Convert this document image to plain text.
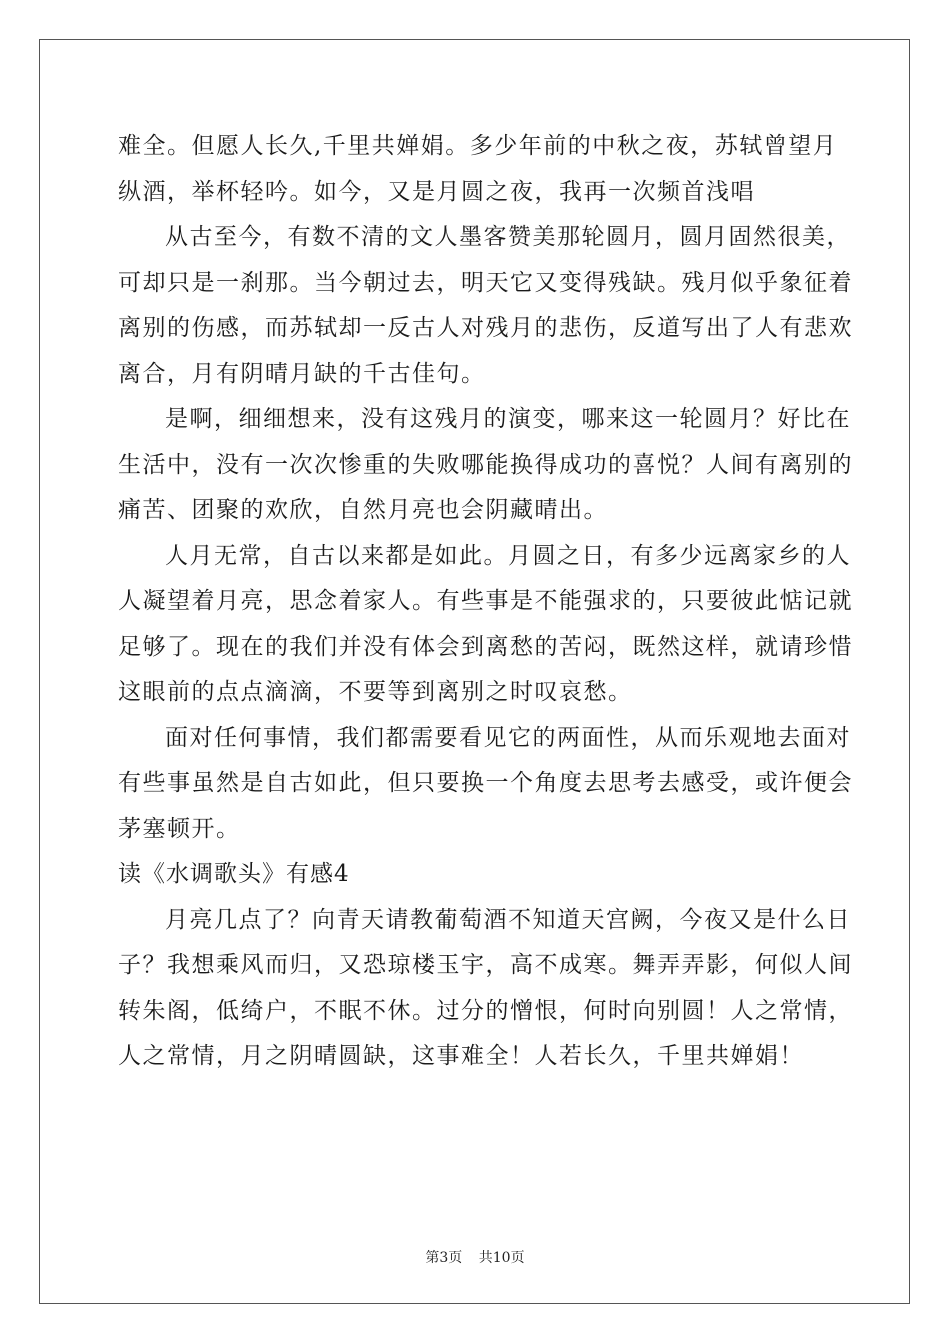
难全。但愿人长久,千里共婵娟。多少年前的中秋之夜，苏轼曾望月
纵酒，举杯轻吟。如今，又是月圆之夜，我再一次频首浅唱
从古至今，有数不清的文人墨客赞美那轮圆月，圆月固然很美，
可却只是一刹那。当今朝过去，明天它又变得残缺。残月似乎象征着
离别的伤感，而苏轼却一反古人对残月的悲伤，反道写出了人有悲欢
离合，月有阴晴月缺的千古佳句。
是啊，细细想来，没有这残月的演变，哪来这一轮圆月？好比在
生活中，没有一次次惨重的失败哪能换得成功的喜悦？人间有离别的
痛苦、团聚的欢欣，自然月亮也会阴藏晴出。
人月无常，自古以来都是如此。月圆之日，有多少远离家乡的人
人凝望着月亮，思念着家人。有些事是不能强求的，只要彼此惦记就
足够了。现在的我们并没有体会到离愁的苦闷，既然这样，就请珍惜
这眼前的点点滴滴，不要等到离别之时叹哀愁。
面对任何事情，我们都需要看见它的两面性，从而乐观地去面对
有些事虽然是自古如此，但只要换一个角度去思考去感受，或许便会
茅塞顿开。
读《水调歌头》有感4
月亮几点了？向青天请教葡萄酒不知道天宫阙，今夜又是什么日
子？我想乘风而归，又恐琼楼玉宇，高不成寒。舞弄弄影，何似人间
转朱阁，低绮户，不眠不休。过分的憎恨，何时向别圆！人之常情，
人之常情，月之阴晴圆缺，这事难全！人若长久，千里共婵娟！
第3页 共10页
